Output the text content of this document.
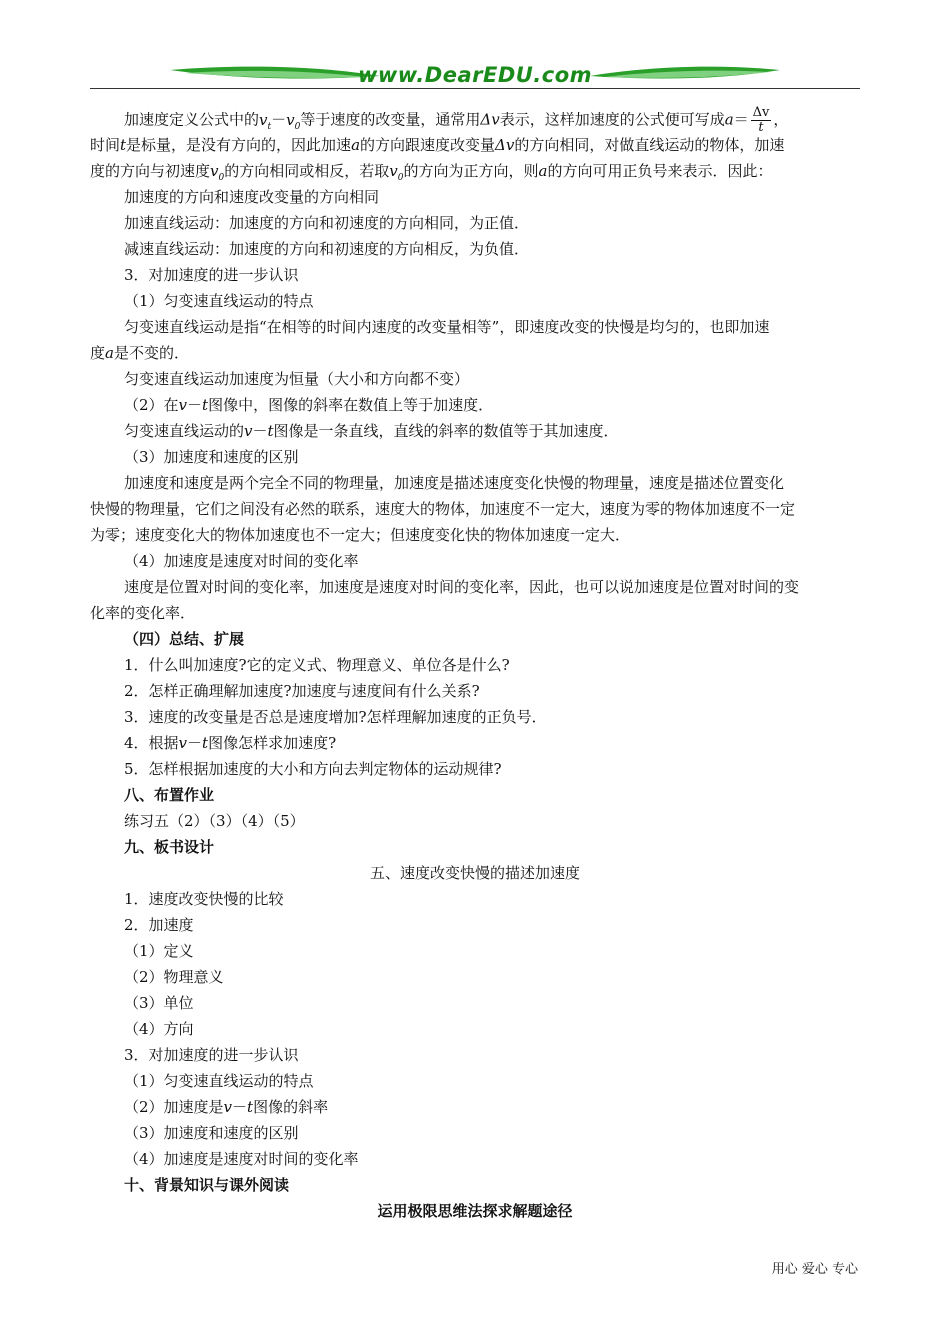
www.DearEDU.com
加速度定义公式中的$v_t-v_0$等于速度的改变量，通常用Δv表示，这样加速度的公式便可写成$a= \frac{\Delta v}{t}$ ，
时间t是标量，是没有方向的，因此加速a的方向跟速度改变量Δv的方向相同，对做直线运动的物体，加速
度的方向与初速度$v_0$的方向相同或相反，若取$v_0$的方向为正方向，则a的方向可用正负号来表示．因此：
加速度的方向和速度改变量的方向相同
加速直线运动：加速度的方向和初速度的方向相同，为正值．
减速直线运动：加速度的方向和初速度的方向相反，为负值．
3．对加速度的进一步认识
（1）匀变速直线运动的特点
匀变速直线运动是指“在相等的时间内速度的改变量相等”，即速度改变的快慢是均匀的，也即加速
度a是不变的．
匀变速直线运动加速度为恒量（大小和方向都不变）
（2）在v－t图像中，图像的斜率在数值上等于加速度．
匀变速直线运动的v－t图像是一条直线，直线的斜率的数值等于其加速度．
（3）加速度和速度的区别
加速度和速度是两个完全不同的物理量，加速度是描述速度变化快慢的物理量，速度是描述位置变化
快慢的物理量，它们之间没有必然的联系，速度大的物体，加速度不一定大，速度为零的物体加速度不一定
为零；速度变化大的物体加速度也不一定大；但速度变化快的物体加速度一定大．
（4）加速度是速度对时间的变化率
速度是位置对时间的变化率，加速度是速度对时间的变化率，因此，也可以说加速度是位置对时间的变
化率的变化率．
（四）总结、扩展
1．什么叫加速度?它的定义式、物理意义、单位各是什么?
2．怎样正确理解加速度?加速度与速度间有什么关系?
3．速度的改变量是否总是速度增加?怎样理解加速度的正负号．
4．根据v－t图像怎样求加速度?
5．怎样根据加速度的大小和方向去判定物体的运动规律?
八、布置作业
练习五（2）（3）（4）（5）
九、板书设计
五、速度改变快慢的描述加速度
1．速度改变快慢的比较
2．加速度
（1）定义
（2）物理意义
（3）单位
（4）方向
3．对加速度的进一步认识
（1）匀变速直线运动的特点
（2）加速度是v－t图像的斜率
（3）加速度和速度的区别
（4）加速度是速度对时间的变化率
十、背景知识与课外阅读
运用极限思维法探求解题途径
用心 爱心 专心
